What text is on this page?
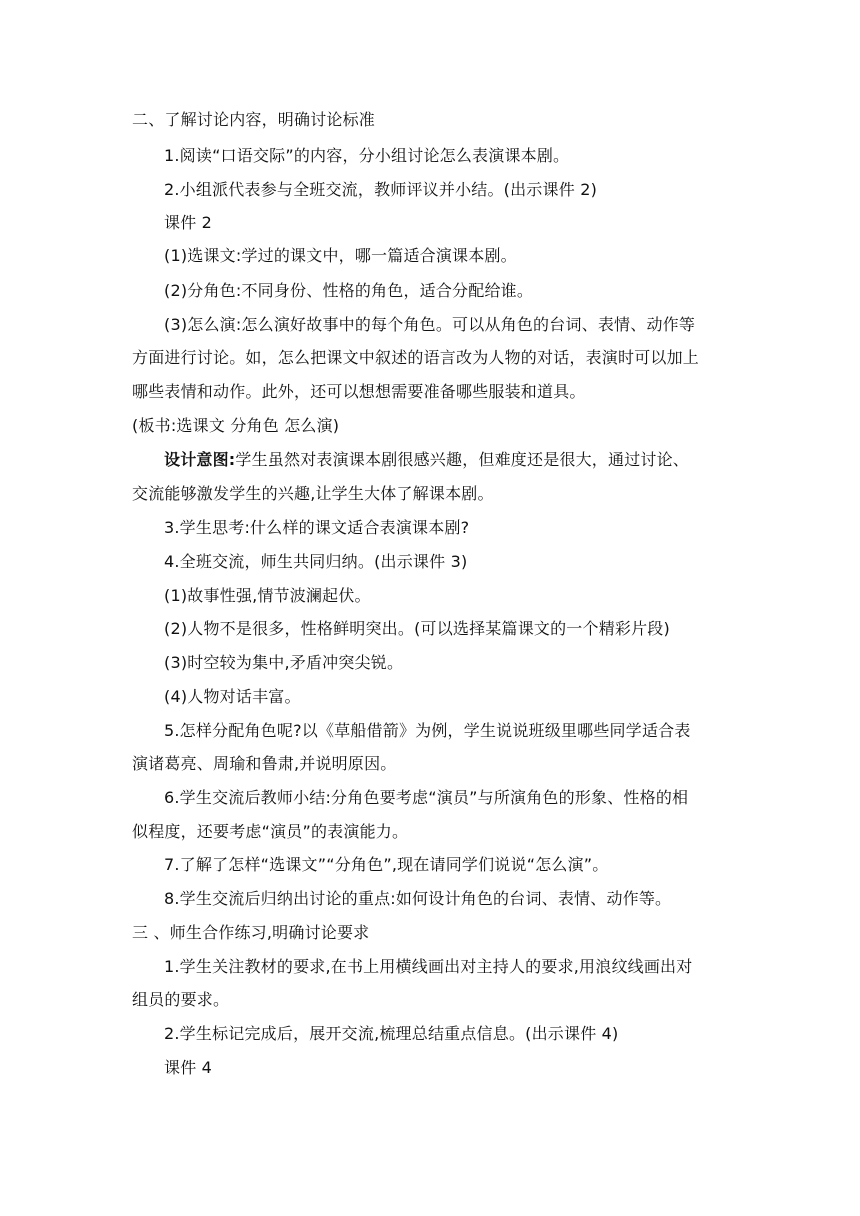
二、了解讨论内容，明确讨论标准
1.阅读“口语交际”的内容，分小组讨论怎么表演课本剧。
2.小组派代表参与全班交流，教师评议并小结。(出示课件 2)
课件 2
(1)选课文:学过的课文中，哪一篇适合演课本剧。
(2)分角色:不同身份、性格的角色，适合分配给谁。
(3)怎么演:怎么演好故事中的每个角色。可以从角色的台词、表情、动作等
方面进行讨论。如，怎么把课文中叙述的语言改为人物的对话，表演时可以加上
哪些表情和动作。此外，还可以想想需要准备哪些服装和道具。
(板书:选课文 分角色 怎么演)
设计意图:学生虽然对表演课本剧很感兴趣，但难度还是很大，通过讨论、
交流能够激发学生的兴趣,让学生大体了解课本剧。
3.学生思考:什么样的课文适合表演课本剧?
4.全班交流，师生共同归纳。(出示课件 3)
(1)故事性强,情节波澜起伏。
(2)人物不是很多，性格鲜明突出。(可以选择某篇课文的一个精彩片段)
(3)时空较为集中,矛盾冲突尖锐。
(4)人物对话丰富。
5.怎样分配角色呢?以《草船借箭》为例，学生说说班级里哪些同学适合表
演诸葛亮、周瑜和鲁肃,并说明原因。
6.学生交流后教师小结:分角色要考虑“演员”与所演角色的形象、性格的相
似程度，还要考虑“演员”的表演能力。
7.了解了怎样“选课文”“分角色”,现在请同学们说说“怎么演”。
8.学生交流后归纳出讨论的重点:如何设计角色的台词、表情、动作等。
三 、师生合作练习,明确讨论要求
1.学生关注教材的要求,在书上用横线画出对主持人的要求,用浪纹线画出对
组员的要求。
2.学生标记完成后，展开交流,梳理总结重点信息。(出示课件 4)
课件 4
